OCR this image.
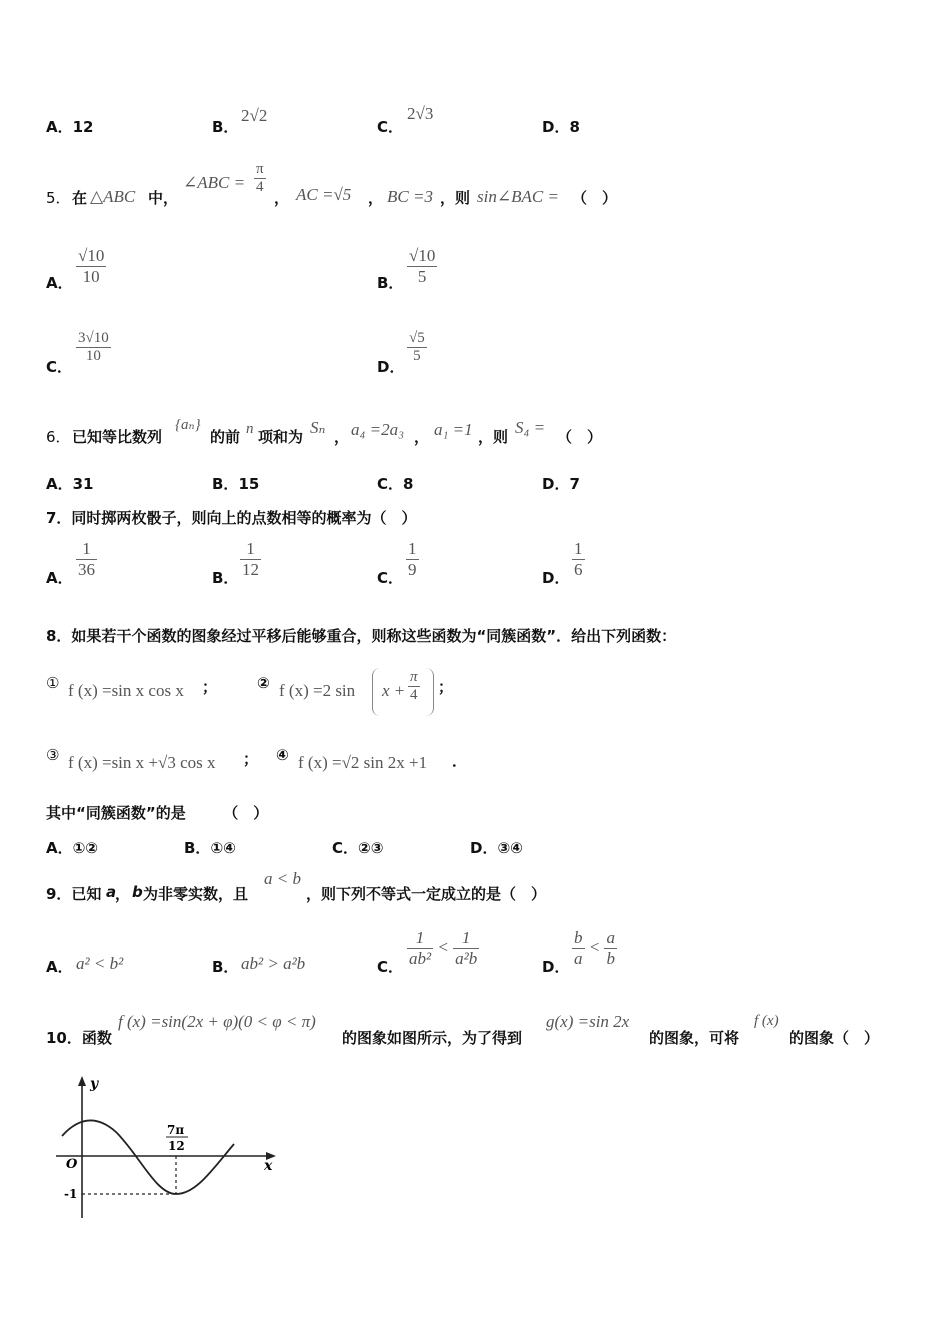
A．12	B．
2√2
C．
2√3
D．8
5． 在 △ABC 中，
∠ABC = $\frac{\pi}{4}$
， AC =√5 ， BC =3 ，则 sin∠BAC = （　）
A． $\frac{√10}{10}$	B． $\frac{√10}{5}$
C．
$\frac{3√10}{10}$
D．
$\frac{√5}{5}$
6． 已知等比数列
{aₙ}
的前 n 项和为 Sₙ ， a₄ =2a₃ ， a₁ =1 ，则 S₄ = （　）
A．31	B．15	C．8	D．7
7．同时掷两枚骰子，则向上的点数相等的概率为（　）
A． $\frac{1}{36}$	B． $\frac{1}{12}$	C． $\frac{1}{9}$	D． $\frac{1}{6}$
8．如果若干个函数的图象经过平移后能够重合，则称这些函数为“同簇函数”．给出下列函数：
① f (x) =sin x cos x ；	② f (x) =2 $\sin x + \frac{\pi}{4}$ ；
③ f (x) =sin x +√3 cos x ； ④ f (x) =√2 sin 2x +1 ．
其中“同簇函数”的是　　　（　）
A．①②	B．①④	C．②③	D．③④
9．已知 a
， b 为非零实数，且
a < b
，则下列不等式一定成立的是（　）
A． a² < b²	B． ab² > a²b	C． $\frac{1}{\text{ab²}} < \frac{1}{\text{a²b}}$	D． $\frac{b}{a} < \frac{a}{b}$
10．函数
f (x) =sin(2x + φ)(0 < φ < π)
的图象如图所示，为了得到
g(x) =sin 2x
的图象，可将
f (x)
的图象（　）
y
x
O
-1
7π
12
